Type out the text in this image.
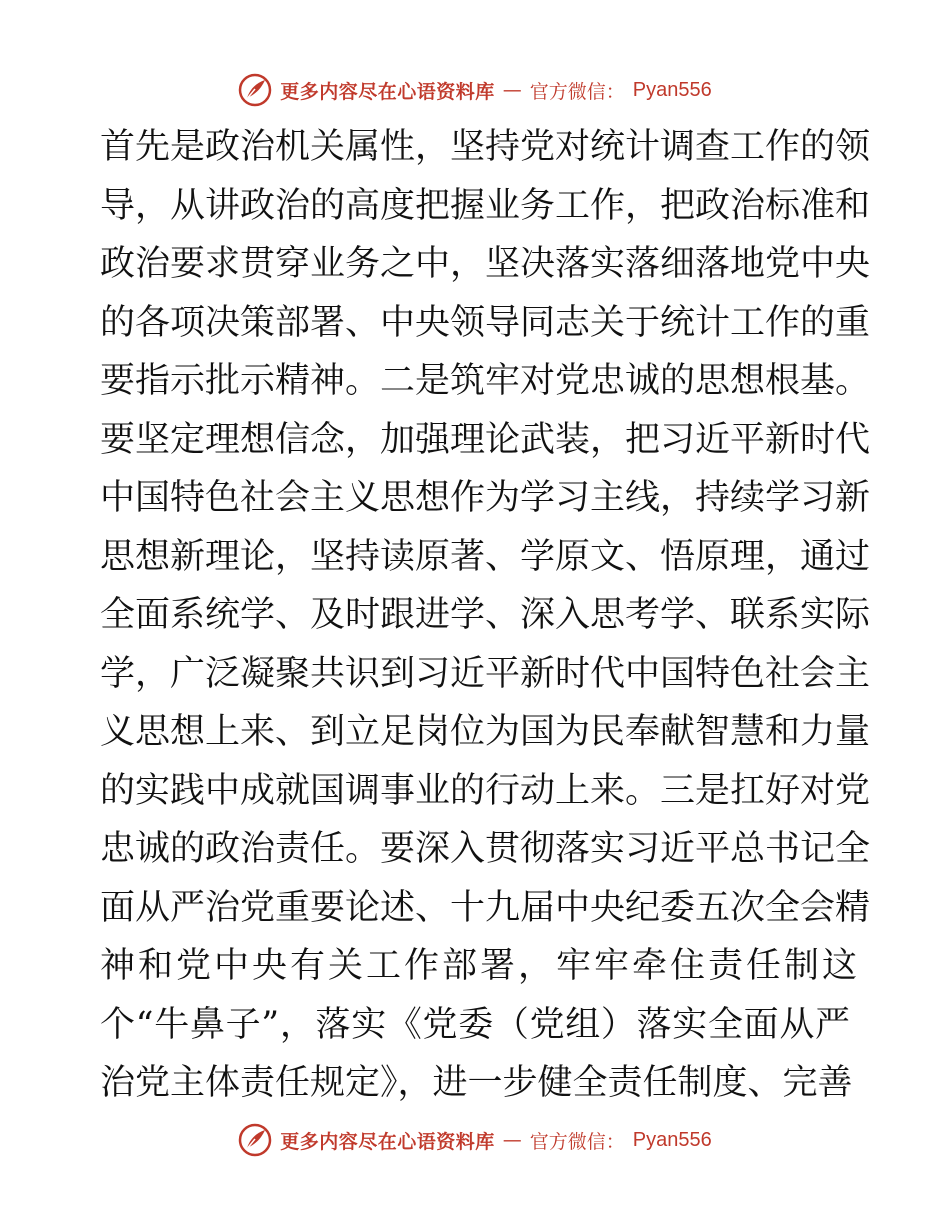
更多内容尽在心语资料库 — 官方微信： Pyan556
首先是政治机关属性，坚持党对统计调查工作的领
导，从讲政治的高度把握业务工作，把政治标准和
政治要求贯穿业务之中，坚决落实落细落地党中央
的各项决策部署、中央领导同志关于统计工作的重
要指示批示精神。二是筑牢对党忠诚的思想根基。
要坚定理想信念，加强理论武装，把习近平新时代
中国特色社会主义思想作为学习主线，持续学习新
思想新理论，坚持读原著、学原文、悟原理，通过
全面系统学、及时跟进学、深入思考学、联系实际
学，广泛凝聚共识到习近平新时代中国特色社会主
义思想上来、到立足岗位为国为民奉献智慧和力量
的实践中成就国调事业的行动上来。三是扛好对党
忠诚的政治责任。要深入贯彻落实习近平总书记全
面从严治党重要论述、十九届中央纪委五次全会精
神和党中央有关工作部署，牢牢牵住责任制这
个“牛鼻子”，落实《党委（党组）落实全面从严
治党主体责任规定》，进一步健全责任制度、完善
更多内容尽在心语资料库 — 官方微信： Pyan556
